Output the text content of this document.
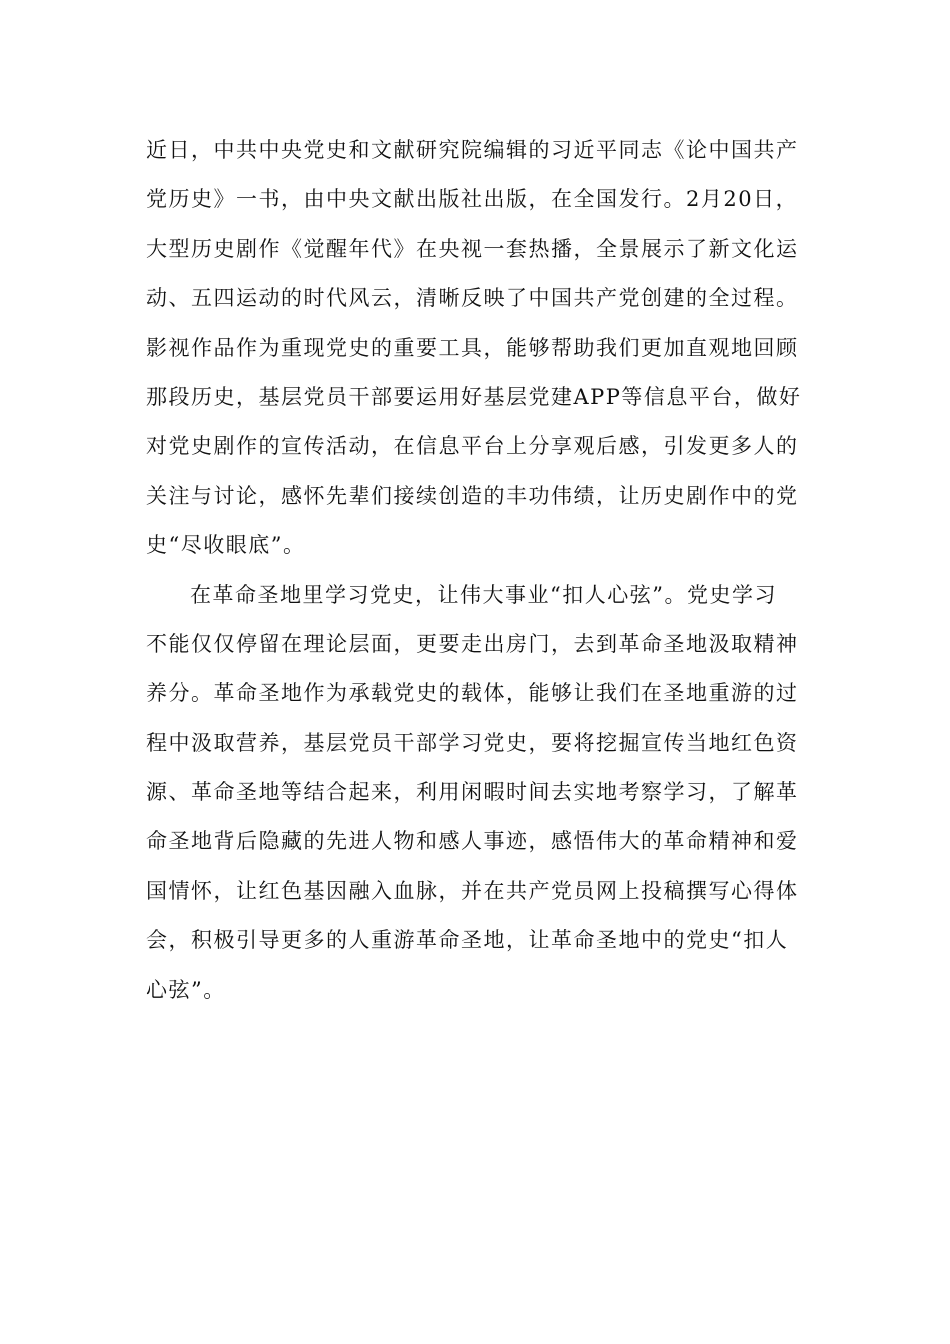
近日，中共中央党史和文献研究院编辑的习近平同志《论中国共产
党历史》一书，由中央文献出版社出版，在全国发行。2月20日，
大型历史剧作《觉醒年代》在央视一套热播，全景展示了新文化运
动、五四运动的时代风云，清晰反映了中国共产党创建的全过程。
影视作品作为重现党史的重要工具，能够帮助我们更加直观地回顾
那段历史，基层党员干部要运用好基层党建APP等信息平台，做好
对党史剧作的宣传活动，在信息平台上分享观后感，引发更多人的
关注与讨论，感怀先辈们接续创造的丰功伟绩，让历史剧作中的党
史“尽收眼底”。
在革命圣地里学习党史，让伟大事业“扣人心弦”。党史学习
不能仅仅停留在理论层面，更要走出房门，去到革命圣地汲取精神
养分。革命圣地作为承载党史的载体，能够让我们在圣地重游的过
程中汲取营养，基层党员干部学习党史，要将挖掘宣传当地红色资
源、革命圣地等结合起来，利用闲暇时间去实地考察学习，了解革
命圣地背后隐藏的先进人物和感人事迹，感悟伟大的革命精神和爱
国情怀，让红色基因融入血脉，并在共产党员网上投稿撰写心得体
会，积极引导更多的人重游革命圣地，让革命圣地中的党史“扣人
心弦”。
